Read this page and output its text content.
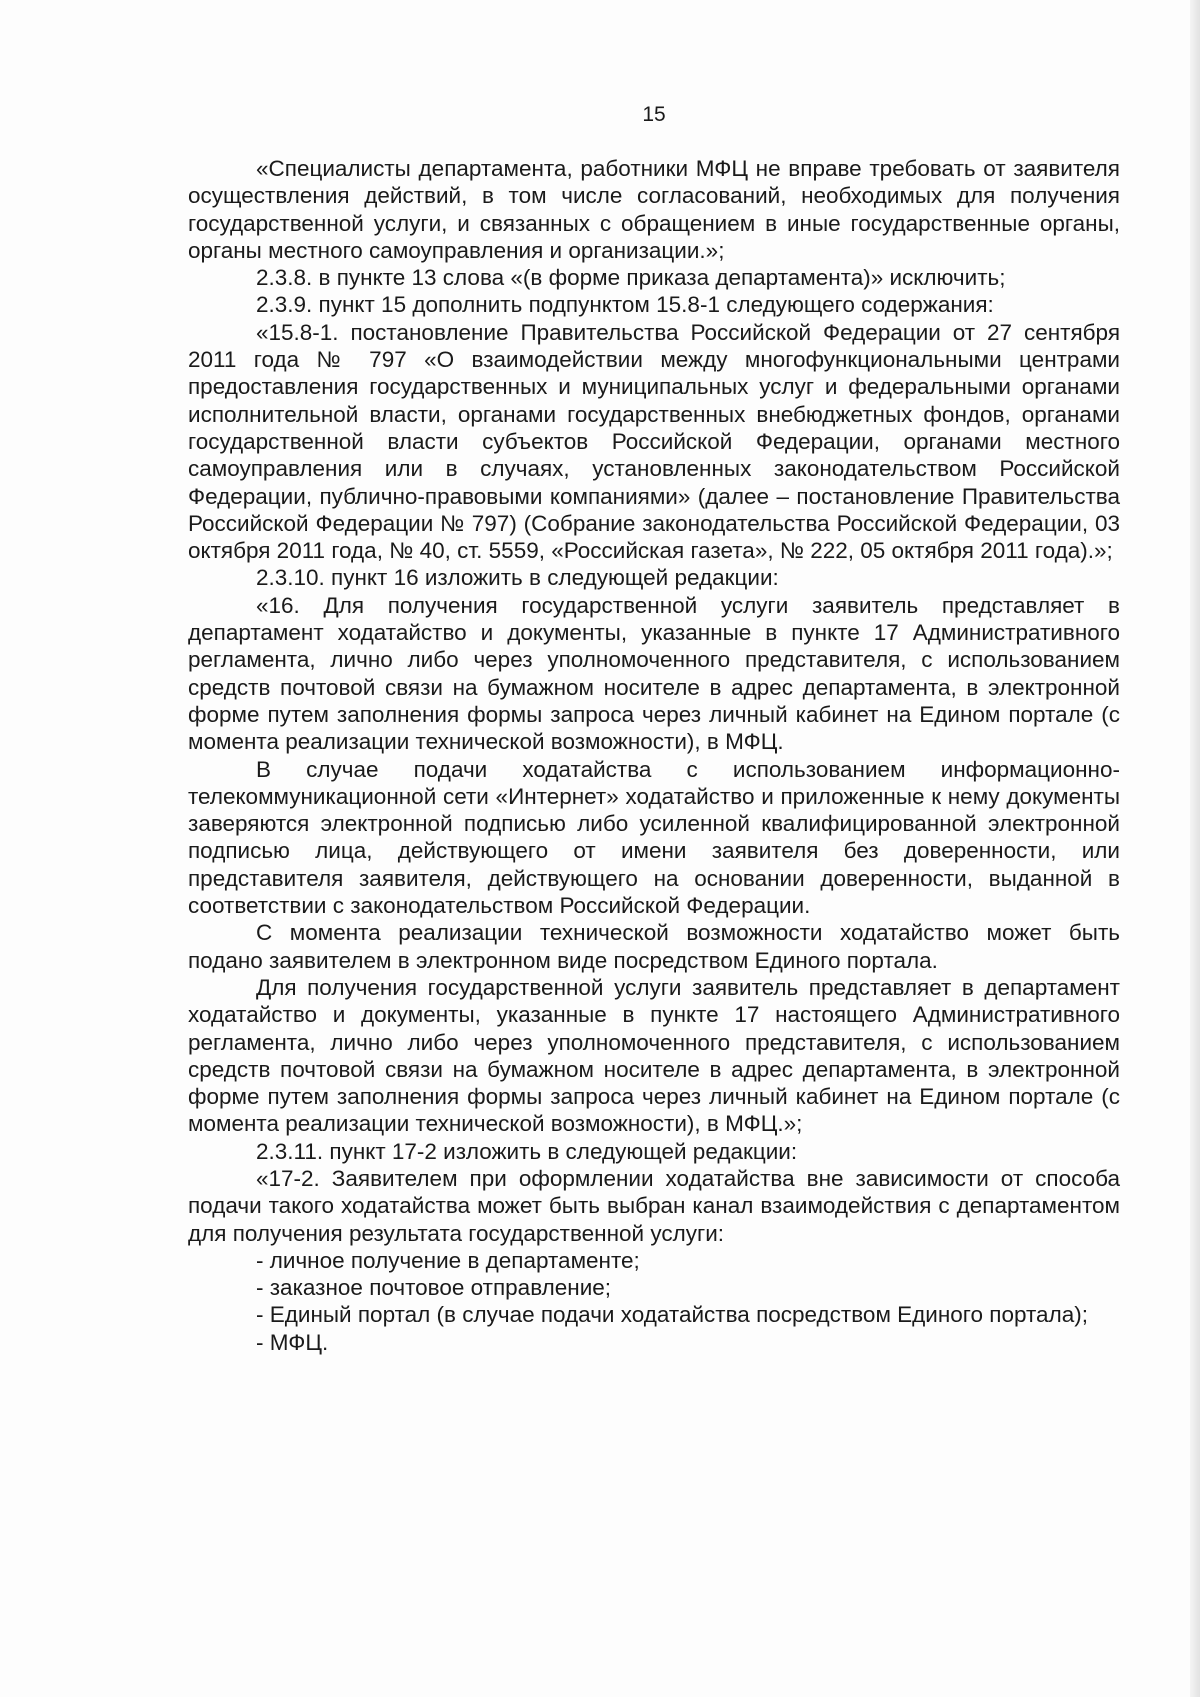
15

«Специалисты департамента, работники МФЦ не вправе требовать от заявителя осуществления действий, в том числе согласований, необходимых для получения государственной услуги, и связанных с обращением в иные государственные органы, органы местного самоуправления и организации.»;

2.3.8. в пункте 13 слова «(в форме приказа департамента)» исключить;

2.3.9. пункт 15 дополнить подпунктом 15.8-1 следующего содержания:

«15.8-1. постановление Правительства Российской Федерации от 27 сентября 2011 года № 797 «О взаимодействии между многофункциональными центрами предоставления государственных и муниципальных услуг и федеральными органами исполнительной власти, органами государственных внебюджетных фондов, органами государственной власти субъектов Российской Федерации, органами местного самоуправления или в случаях, установленных законодательством Российской Федерации, публично-правовыми компаниями» (далее – постановление Правительства Российской Федерации № 797) (Собрание законодательства Российской Федерации, 03 октября 2011 года, № 40, ст. 5559, «Российская газета», № 222, 05 октября 2011 года).»;

2.3.10. пункт 16 изложить в следующей редакции:

«16. Для получения государственной услуги заявитель представляет в департамент ходатайство и документы, указанные в пункте 17 Административного регламента, лично либо через уполномоченного представителя, с использованием средств почтовой связи на бумажном носителе в адрес департамента, в электронной форме путем заполнения формы запроса через личный кабинет на Едином портале (с момента реализации технической возможности), в МФЦ.

В случае подачи ходатайства с использованием информационно-телекоммуникационной сети «Интернет» ходатайство и приложенные к нему документы заверяются электронной подписью либо усиленной квалифицированной электронной подписью лица, действующего от имени заявителя без доверенности, или представителя заявителя, действующего на основании доверенности, выданной в соответствии с законодательством Российской Федерации.

С момента реализации технической возможности ходатайство может быть подано заявителем в электронном виде посредством Единого портала.

Для получения государственной услуги заявитель представляет в департамент ходатайство и документы, указанные в пункте 17 настоящего Административного регламента, лично либо через уполномоченного представителя, с использованием средств почтовой связи на бумажном носителе в адрес департамента, в электронной форме путем заполнения формы запроса через личный кабинет на Едином портале (с момента реализации технической возможности), в МФЦ.»;

2.3.11. пункт 17-2 изложить в следующей редакции:

«17-2. Заявителем при оформлении ходатайства вне зависимости от способа подачи такого ходатайства может быть выбран канал взаимодействия с департаментом для получения результата государственной услуги:

- личное получение в департаменте;

- заказное почтовое отправление;

- Единый портал (в случае подачи ходатайства посредством Единого портала);

- МФЦ.
